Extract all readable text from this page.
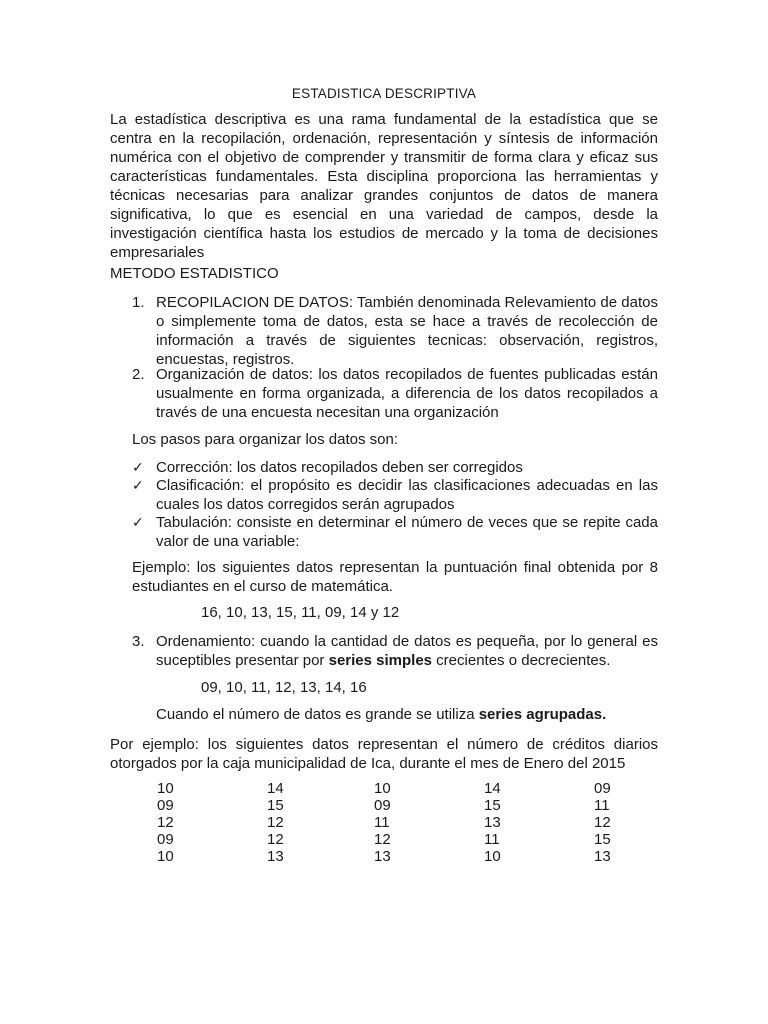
ESTADISTICA DESCRIPTIVA
La estadística descriptiva es una rama fundamental de la estadística que se centra en la recopilación, ordenación, representación y síntesis de información numérica con el objetivo de comprender y transmitir de forma clara y eficaz sus características fundamentales. Esta disciplina proporciona las herramientas y técnicas necesarias para analizar grandes conjuntos de datos de manera significativa, lo que es esencial en una variedad de campos, desde la investigación científica hasta los estudios de mercado y la toma de decisiones empresariales
METODO ESTADISTICO
1. RECOPILACION DE DATOS: También denominada Relevamiento de datos o simplemente toma de datos, esta se hace a través de recolección de información a través de siguientes tecnicas: observación, registros, encuestas, registros.
2. Organización de datos: los datos recopilados de fuentes publicadas están usualmente en forma organizada, a diferencia de los datos recopilados a través de una encuesta necesitan una organización
Los pasos para organizar los datos son:
✓ Corrección: los datos recopilados deben ser corregidos
✓ Clasificación: el propósito es decidir las clasificaciones adecuadas en las cuales los datos corregidos serán agrupados
✓ Tabulación: consiste en determinar el número de veces que se repite cada valor de una variable:
Ejemplo: los siguientes datos representan la puntuación final obtenida por 8 estudiantes en el curso de matemática.
16, 10, 13, 15, 11, 09, 14 y 12
3. Ordenamiento: cuando la cantidad de datos es pequeña, por lo general es suceptibles presentar por series simples crecientes o decrecientes.
09, 10, 11, 12, 13, 14, 16
Cuando el número de datos es grande se utiliza series agrupadas.
Por ejemplo: los siguientes datos representan el número de créditos diarios otorgados por la caja municipalidad de Ica, durante el mes de Enero del 2015
10	14	10	14	09
09	15	09	15	11
12	12	11	13	12
09	12	12	11	15
10	13	13	10	13
